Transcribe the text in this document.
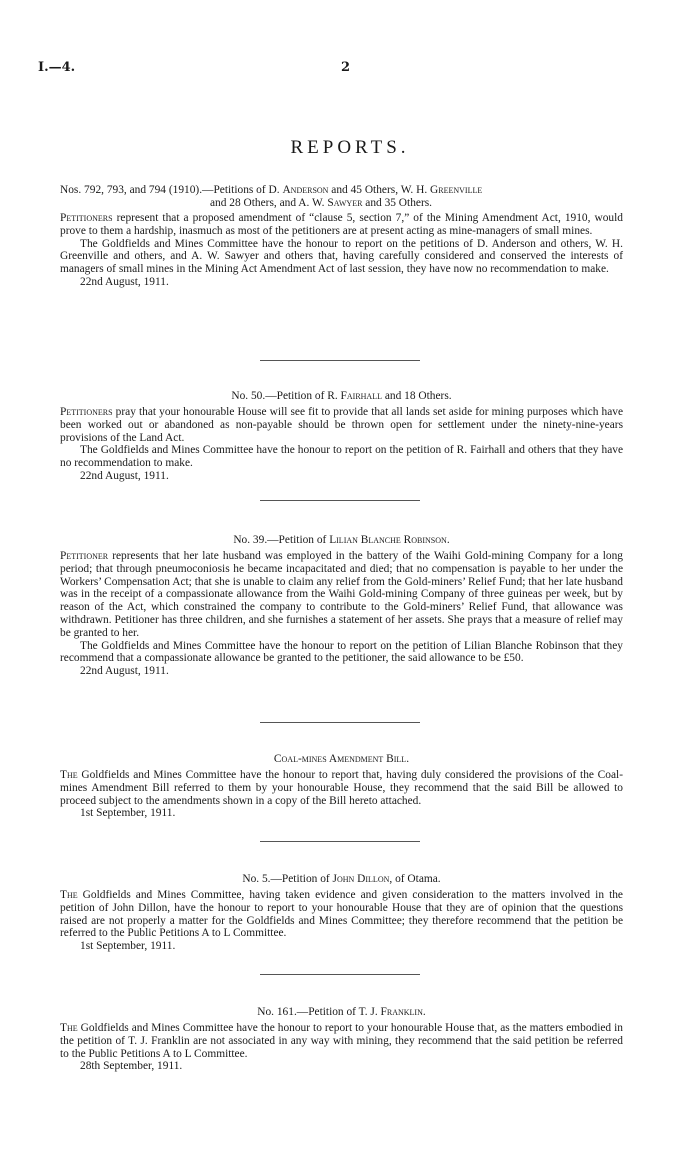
I.—4.	2
REPORTS.

Nos. 792, 793, and 794 (1910).—Petitions of D. Anderson and 45 Others, W. H. Greenville
and 28 Others, and A. W. Sawyer and 35 Others.

Petitioners represent that a proposed amendment of “clause 5, section 7,” of the Mining Amendment Act, 1910, would prove to them a hardship, inasmuch as most of the petitioners are at present acting as mine-managers of small mines.

The Goldfields and Mines Committee have the honour to report on the petitions of D. Anderson and others, W. H. Greenville and others, and A. W. Sawyer and others that, having carefully considered and conserved the interests of managers of small mines in the Mining Act Amendment Act of last session, they have now no recommendation to make.

22nd August, 1911.

No. 50.—Petition of R. Fairhall and 18 Others.

Petitioners pray that your honourable House will see fit to provide that all lands set aside for mining purposes which have been worked out or abandoned as non-payable should be thrown open for settlement under the ninety-nine-years provisions of the Land Act.

The Goldfields and Mines Committee have the honour to report on the petition of R. Fairhall and others that they have no recommendation to make.

22nd August, 1911.

No. 39.—Petition of Lilian Blanche Robinson.

Petitioner represents that her late husband was employed in the battery of the Waihi Gold-mining Company for a long period; that through pneumoconiosis he became incapacitated and died; that no compensation is payable to her under the Workers’ Compensation Act; that she is unable to claim any relief from the Gold-miners’ Relief Fund; that her late husband was in the receipt of a compassionate allowance from the Waihi Gold-mining Company of three guineas per week, but by reason of the Act, which constrained the company to contribute to the Gold-miners’ Relief Fund, that allowance was withdrawn. Petitioner has three children, and she furnishes a statement of her assets. She prays that a measure of relief may be granted to her.

The Goldfields and Mines Committee have the honour to report on the petition of Lilian Blanche Robinson that they recommend that a compassionate allowance be granted to the petitioner, the said allowance to be £50.

22nd August, 1911.

Coal-mines Amendment Bill.

The Goldfields and Mines Committee have the honour to report that, having duly considered the provisions of the Coal-mines Amendment Bill referred to them by your honourable House, they recommend that the said Bill be allowed to proceed subject to the amendments shown in a copy of the Bill hereto attached.

1st September, 1911.

No. 5.—Petition of John Dillon, of Otama.

The Goldfields and Mines Committee, having taken evidence and given consideration to the matters involved in the petition of John Dillon, have the honour to report to your honourable House that they are of opinion that the questions raised are not properly a matter for the Goldfields and Mines Committee; they therefore recommend that the petition be referred to the Public Petitions A to L Committee.

1st September, 1911.

No. 161.—Petition of T. J. Franklin.

The Goldfields and Mines Committee have the honour to report to your honourable House that, as the matters embodied in the petition of T. J. Franklin are not associated in any way with mining, they recommend that the said petition be referred to the Public Petitions A to L Committee.

28th September, 1911.
